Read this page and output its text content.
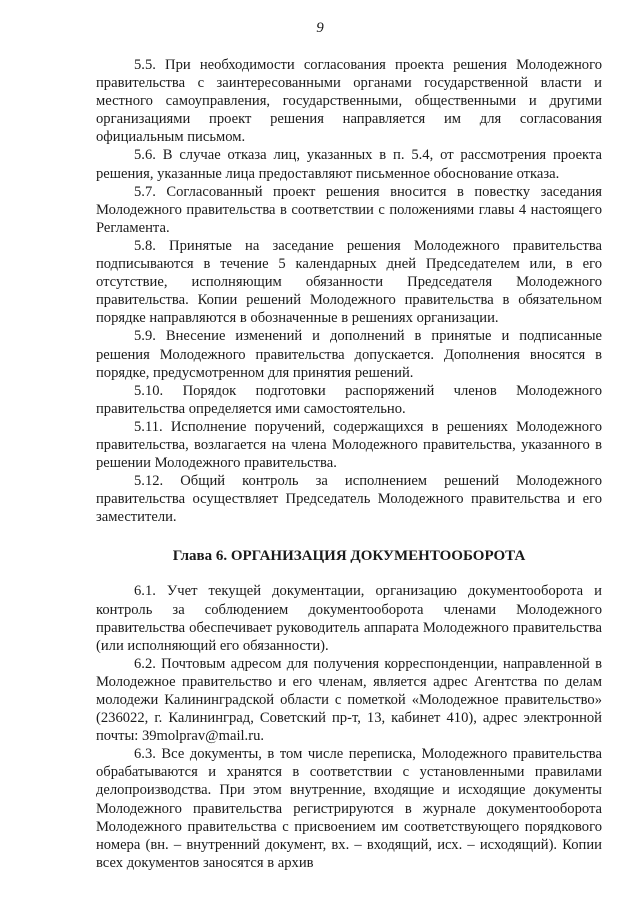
9

5.5. При необходимости согласования проекта решения Молодежного правительства с заинтересованными органами государственной власти и местного самоуправления, государственными, общественными и другими организациями проект решения направляется им для согласования официальным письмом.

5.6. В случае отказа лиц, указанных в п. 5.4, от рассмотрения проекта решения, указанные лица предоставляют письменное обоснование отказа.

5.7. Согласованный проект решения вносится в повестку заседания Молодежного правительства в соответствии с положениями главы 4 настоящего Регламента.

5.8. Принятые на заседание решения Молодежного правительства подписываются в течение 5 календарных дней Председателем или, в его отсутствие, исполняющим обязанности Председателя Молодежного правительства. Копии решений Молодежного правительства в обязательном порядке направляются в обозначенные в решениях организации.

5.9. Внесение изменений и дополнений в принятые и подписанные решения Молодежного правительства допускается. Дополнения вносятся в порядке, предусмотренном для принятия решений.

5.10. Порядок подготовки распоряжений членов Молодежного правительства определяется ими самостоятельно.

5.11. Исполнение поручений, содержащихся в решениях Молодежного правительства, возлагается на члена Молодежного правительства, указанного в решении Молодежного правительства.

5.12. Общий контроль за исполнением решений Молодежного правительства осуществляет Председатель Молодежного правительства и его заместители.

Глава 6. ОРГАНИЗАЦИЯ ДОКУМЕНТООБОРОТА

6.1. Учет текущей документации, организацию документооборота и контроль за соблюдением документооборота членами Молодежного правительства обеспечивает руководитель аппарата Молодежного правительства (или исполняющий его обязанности).

6.2. Почтовым адресом для получения корреспонденции, направленной в Молодежное правительство и его членам, является адрес Агентства по делам молодежи Калининградской области с пометкой «Молодежное правительство» (236022, г. Калининград, Советский пр-т, 13, кабинет 410), адрес электронной почты: 39molprav@mail.ru.

6.3. Все документы, в том числе переписка, Молодежного правительства обрабатываются и хранятся в соответствии с установленными правилами делопроизводства. При этом внутренние, входящие и исходящие документы Молодежного правительства регистрируются в журнале документооборота Молодежного правительства с присвоением им соответствующего порядкового номера (вн. – внутренний документ, вх. – входящий, исх. – исходящий). Копии всех документов заносятся в архив
